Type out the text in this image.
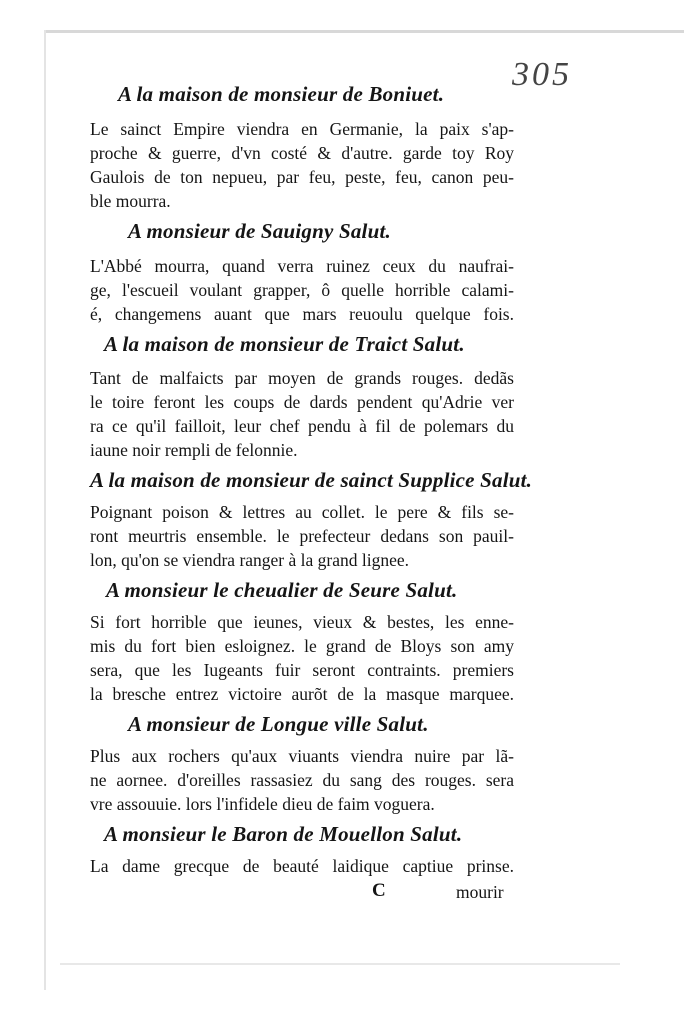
305
A la maison de monsieur de Boniuet.
Le sainct Empire viendra en Germanie, la paix s'ap-
proche & guerre, d'vn costé & d'autre. garde toy Roy
Gaulois de ton nepueu, par feu, peste, feu, canon peu-
ble mourra.
A monsieur de Sauigny Salut.
L'Abbé mourra, quand verra ruinez ceux du naufrai-
ge, l'escueil voulant grapper, ô quelle horrible calami-
é, changemens auant que mars reuoulu quelque fois.
A la maison de monsieur de Traict Salut.
Tant de malfaicts par moyen de grands rouges. dedãs
le toire feront les coups de dards pendent qu'Adrie ver
ra ce qu'il failloit, leur chef pendu à fil de polemars du
iaune noir rempli de felonnie.
A la maison de monsieur de sainct Supplice Salut.
Poignant poison & lettres au collet. le pere & fils se-
ront meurtris ensemble. le prefecteur dedans son pauil-
lon, qu'on se viendra ranger à la grand lignee.
A monsieur le cheualier de Seure Salut.
Si fort horrible que ieunes, vieux & bestes, les enne-
mis du fort bien esloignez. le grand de Bloys son amy
sera, que les Iugeants fuir seront contraints. premiers
la bresche entrez victoire aurõt de la masque marquee.
A monsieur de Longue ville Salut.
Plus aux rochers qu'aux viuants viendra nuire par lã-
ne aornee. d'oreilles rassasiez du sang des rouges. sera
vre assouuie. lors l'infidele dieu de faim voguera.
A monsieur le Baron de Mouellon Salut.
La dame grecque de beauté laidique captiue prinse.
C	mourir
